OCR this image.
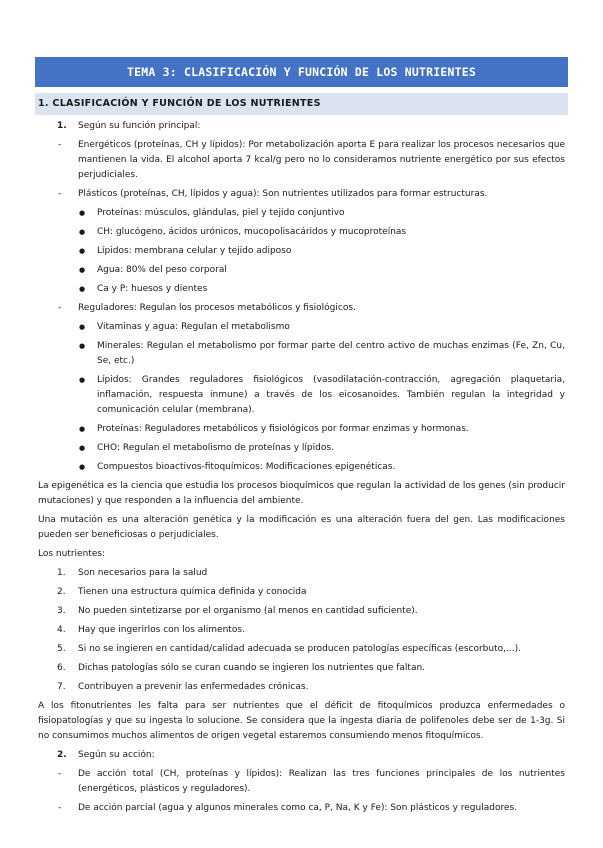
TEMA 3: CLASIFICACIÓN Y FUNCIÓN DE LOS NUTRIENTES
1. CLASIFICACIÓN Y FUNCIÓN DE LOS NUTRIENTES
1. Según su función principal:
- Energéticos (proteínas, CH y lípidos): Por metabolización aporta E para realizar los procesos necesarios que mantienen la vida. El alcohol aporta 7 kcal/g pero no lo consideramos nutriente energético por sus efectos perjudiciales.
- Plásticos (proteínas, CH, lípidos y agua): Son nutrientes utilizados para formar estructuras.
● Proteínas: músculos, glándulas, piel y tejido conjuntivo
● CH: glucógeno, ácidos urónicos, mucopolisacáridos y mucoproteínas
● Lípidos: membrana celular y tejido adiposo
● Agua: 80% del peso corporal
● Ca y P: huesos y dientes
- Reguladores: Regulan los procesos metabólicos y fisiológicos.
● Vitaminas y agua: Regulan el metabolismo
● Minerales: Regulan el metabolismo por formar parte del centro activo de muchas enzimas (Fe, Zn, Cu, Se, etc.)
● Lípidos: Grandes reguladores fisiológicos (vasodilatación-contracción, agregación plaquetaria, inflamación, respuesta inmune) a través de los eicosanoides. También regulan la integridad y comunicación celular (membrana).
● Proteínas: Reguladores metabólicos y fisiológicos por formar enzimas y hormonas.
● CHO: Regulan el metabolismo de proteínas y lípidos.
● Compuestos bioactivos-fitoquímicos: Modificaciones epigenéticas.
La epigenética es la ciencia que estudia los procesos bioquímicos que regulan la actividad de los genes (sin producir mutaciones) y que responden a la influencia del ambiente.
Una mutación es una alteración genética y la modificación es una alteración fuera del gen. Las modificaciones pueden ser beneficiosas o perjudiciales.
Los nutrientes:
1. Son necesarios para la salud
2. Tienen una estructura química definida y conocida
3. No pueden sintetizarse por el organismo (al menos en cantidad suficiente).
4. Hay que ingerirlos con los alimentos.
5. Si no se ingieren en cantidad/calidad adecuada se producen patologías específicas (escorbuto,...).
6. Dichas patologías sólo se curan cuando se ingieren los nutrientes que faltan.
7. Contribuyen a prevenir las enfermedades crónicas.
A los fitonutrientes les falta para ser nutrientes que el déficit de fitoquímicos produzca enfermedades o fisiopatologías y que su ingesta lo solucione. Se considera que la ingesta diaria de polifenoles debe ser de 1-3g. Si no consumimos muchos alimentos de origen vegetal estaremos consumiendo menos fitoquímicos.
2. Según su acción:
- De acción total (CH, proteínas y lípidos): Realizan las tres funciones principales de los nutrientes (energéticos, plásticos y reguladores).
- De acción parcial (agua y algunos minerales como ca, P, Na, K y Fe): Son plásticos y reguladores.
